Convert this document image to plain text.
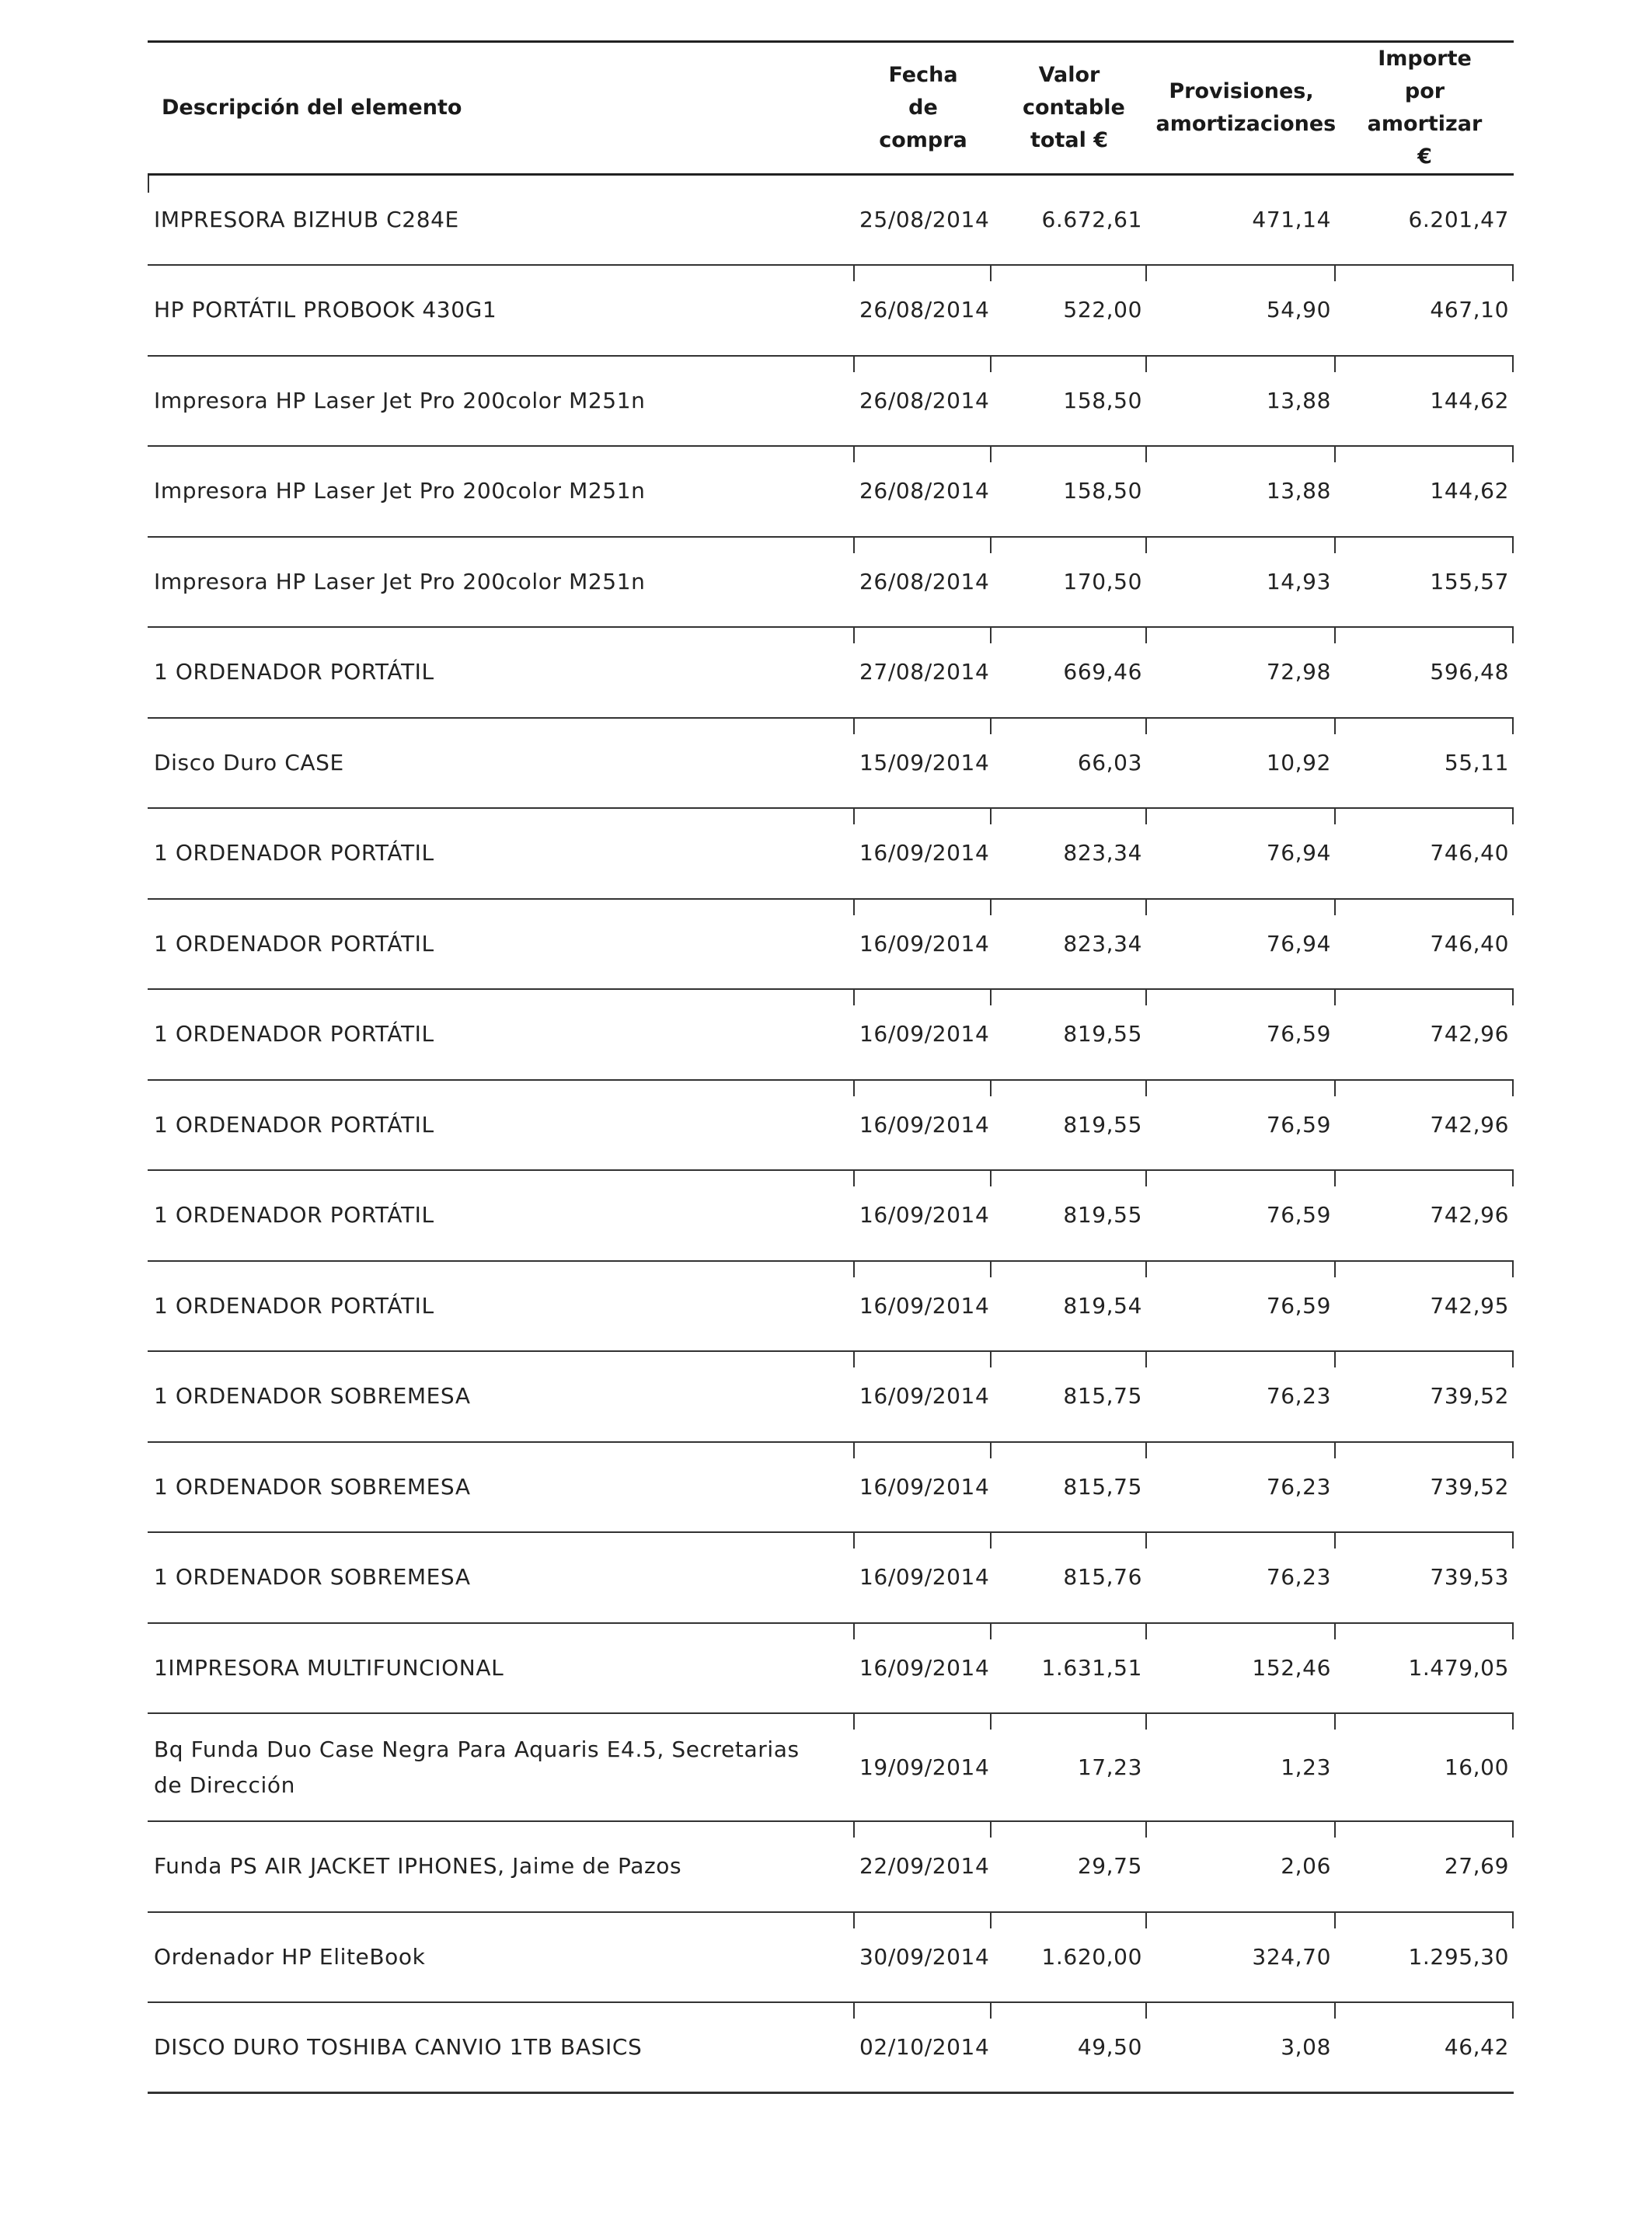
Descripción del elemento	Fecha de compra	Valor contable total €	Provisiones, amortizaciones	Importe por amortizar €
IMPRESORA BIZHUB C284E	25/08/2014	6.672,61	471,14	6.201,47
HP PORTÁTIL PROBOOK 430G1	26/08/2014	522,00	54,90	467,10

Impresora HP Laser Jet Pro 200color M251n	26/08/2014	158,50	13,88	144,62

Impresora HP Laser Jet Pro 200color M251n	26/08/2014	158,50	13,88	144,62

Impresora HP Laser Jet Pro 200color M251n	26/08/2014	170,50	14,93	155,57

1 ORDENADOR PORTÁTIL	27/08/2014	669,46	72,98	596,48

Disco Duro CASE	15/09/2014	66,03	10,92	55,11

1 ORDENADOR PORTÁTIL	16/09/2014	823,34	76,94	746,40

1 ORDENADOR PORTÁTIL	16/09/2014	823,34	76,94	746,40

1 ORDENADOR PORTÁTIL	16/09/2014	819,55	76,59	742,96

1 ORDENADOR PORTÁTIL	16/09/2014	819,55	76,59	742,96

1 ORDENADOR PORTÁTIL	16/09/2014	819,55	76,59	742,96

1 ORDENADOR PORTÁTIL	16/09/2014	819,54	76,59	742,95

1 ORDENADOR SOBREMESA	16/09/2014	815,75	76,23	739,52

1 ORDENADOR SOBREMESA	16/09/2014	815,75	76,23	739,52

1 ORDENADOR SOBREMESA	16/09/2014	815,76	76,23	739,53

1IMPRESORA MULTIFUNCIONAL	16/09/2014	1.631,51	152,46	1.479,05

Bq Funda Duo Case Negra Para Aquaris E4.5, Secretarias de Dirección	19/09/2014	17,23	1,23	16,00

Funda PS AIR JACKET IPHONES, Jaime de Pazos	22/09/2014	29,75	2,06	27,69

Ordenador HP EliteBook	30/09/2014	1.620,00	324,70	1.295,30

DISCO DURO TOSHIBA CANVIO 1TB BASICS	02/10/2014	49,50	3,08	46,42
